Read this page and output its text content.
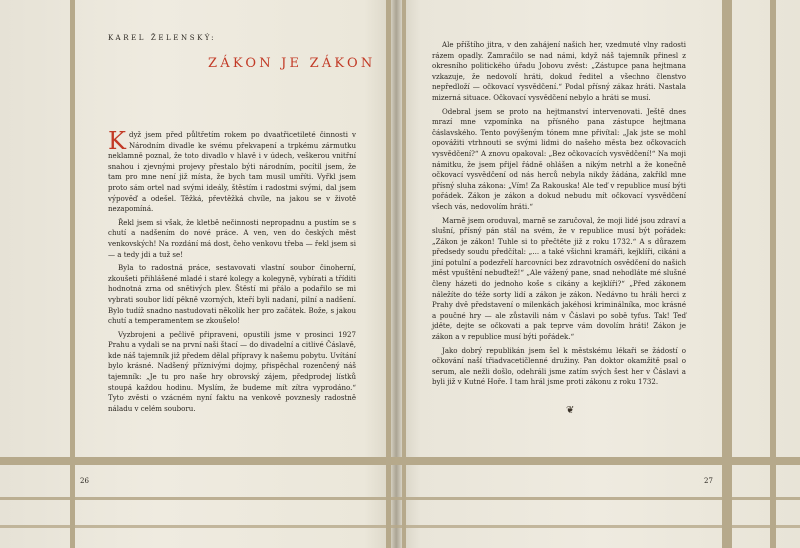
KAREL ŽELENSKÝ:
ZÁKON JE ZÁKON

Když jsem před půltřetím rokem po dvaatřicetileté činnosti v Národním divadle ke svému překvapení a trpkému zármutku neklamně poznal, že toto divadlo v hlavě i v údech, veškerou vnitřní snahou i zjevnými projevy přestalo býti národním, pocítil jsem, že tam pro mne není již místa, že bych tam musil umříti. Vyřkl jsem proto sám ortel nad svými ideály, štěstím i radostmi svými, dal jsem výpověď a odešel. Těžká, převtěžká chvíle, na jakou se v životě nezapomíná.

Řekl jsem si však, že kletbě nečinnosti nepropadnu a pustím se s chutí a nadšením do nové práce. A ven, ven do českých měst venkovských! Na rozdání má dost, čeho venkovu třeba — řekl jsem si — a tedy jdi a tuž se!

Byla to radostná práce, sestavovati vlastní soubor činoherní, zkoušeti přihlášené mladé i staré kolegy a kolegyně, vybírati a tříditi hodnotná zrna od snětivých plev. Štěstí mi přálo a podařilo se mi vybrati soubor lidí pěkně vzorných, kteří byli nadaní, pilní a nadšení. Bylo tudíž snadno nastudovati několik her pro začátek. Bože, s jakou chutí a temperamentem se zkoušelo!

Vyzbrojeni a pečlivě připraveni, opustili jsme v prosinci 1927 Prahu a vydali se na první naši štací — do divadelní a citlivé Čáslavě, kde náš tajemník již předem dělal přípravy k našemu pobytu. Uvítání bylo krásné. Nadšený příznivými dojmy, přispěchal rozenčený náš tajemník: „Je tu pro naše hry obrovský zájem, předprodej lístků stoupá každou hodinu. Myslím, že budeme mít zítra vyprodáno.“ Tyto zvěsti o vzácném nyní faktu na venkově povznesly radostně náladu v celém souboru.

26

Ale příštího jitra, v den zahájení našich her, vzedmuté vlny radosti rázem opadly. Zamračilo se nad námi, když náš tajemník přinesl z okresního politického úřadu Jobovu zvěst: „Zástupce pana hejtmana vzkazuje, že nedovolí hráti, dokud ředitel a všechno členstvo nepředloží — očkovací vysvědčení.“ Podal přísný zákaz hráti. Nastala mizerná situace. Očkovací vysvědčení nebylo a hráti se musí.

Odebral jsem se proto na hejtmanství intervenovati. Ještě dnes mrazí mne vzpomínka na přísného pana zástupce hejtmana čáslavského. Tento povýšeným tónem mne přivítal: „Jak jste se mohl opovážiti vtrhnouti se svými lidmi do našeho města bez očkovacích vysvědčení?“ A znovu opakoval: „Bez očkovacích vysvědčení!“ Na moji námitku, že jsem přijel řádně ohlášen a nikým netrhl a že konečně očkovací vysvědčení od nás herců nebyla nikdy žádána, zakřikl mne přísný sluha zákona: „Vím! Za Rakouska! Ale teď v republice musí býti pořádek. Zákon je zákon a dokud nebudu mít očkovací vysvědčení všech vás, nedovolím hráti.“

Marně jsem oroduval, marně se zaručoval, že moji lidé jsou zdraví a slušní, přísný pán stál na svém, že v republice musí být pořádek: „Zákon je zákon! Tuhle si to přečtěte již z roku 1732.“ A s důrazem předsedy soudu předčítal: „... a také všichni kramáři, kejklíři, cikáni a jiní potulní a podezřelí harcovníci bez zdravotních osvědčení do našich měst vpuštění nebuďtež!“ „Ale vážený pane, snad nehodláte mé slušné členy házeti do jednoho koše s cikány a kejklíři?“ „Před zákonem náležíte do téže sorty lidí a zákon je zákon. Nedávno tu hráli herci z Prahy dvě představení o milenkách jakéhosi kriminálníka, moc krásné a poučné hry — ale zůstavili nám v Čáslavi po sobě tyfus. Tak! Teď jděte, dejte se očkovati a pak teprve vám dovolím hráti! Zákon je zákon a v republice musí býti pořádek.“

Jako dobrý republikán jsem šel k městskému lékaři se žádostí o očkování naší třiadvacetičlenné družiny. Pan doktor okamžitě psal o serum, ale nežli došlo, odehráli jsme zatím svých šest her v Čáslavi a byli již v Kutné Hoře. I tam hrál jsme proti zákonu z roku 1732.

❦
27
